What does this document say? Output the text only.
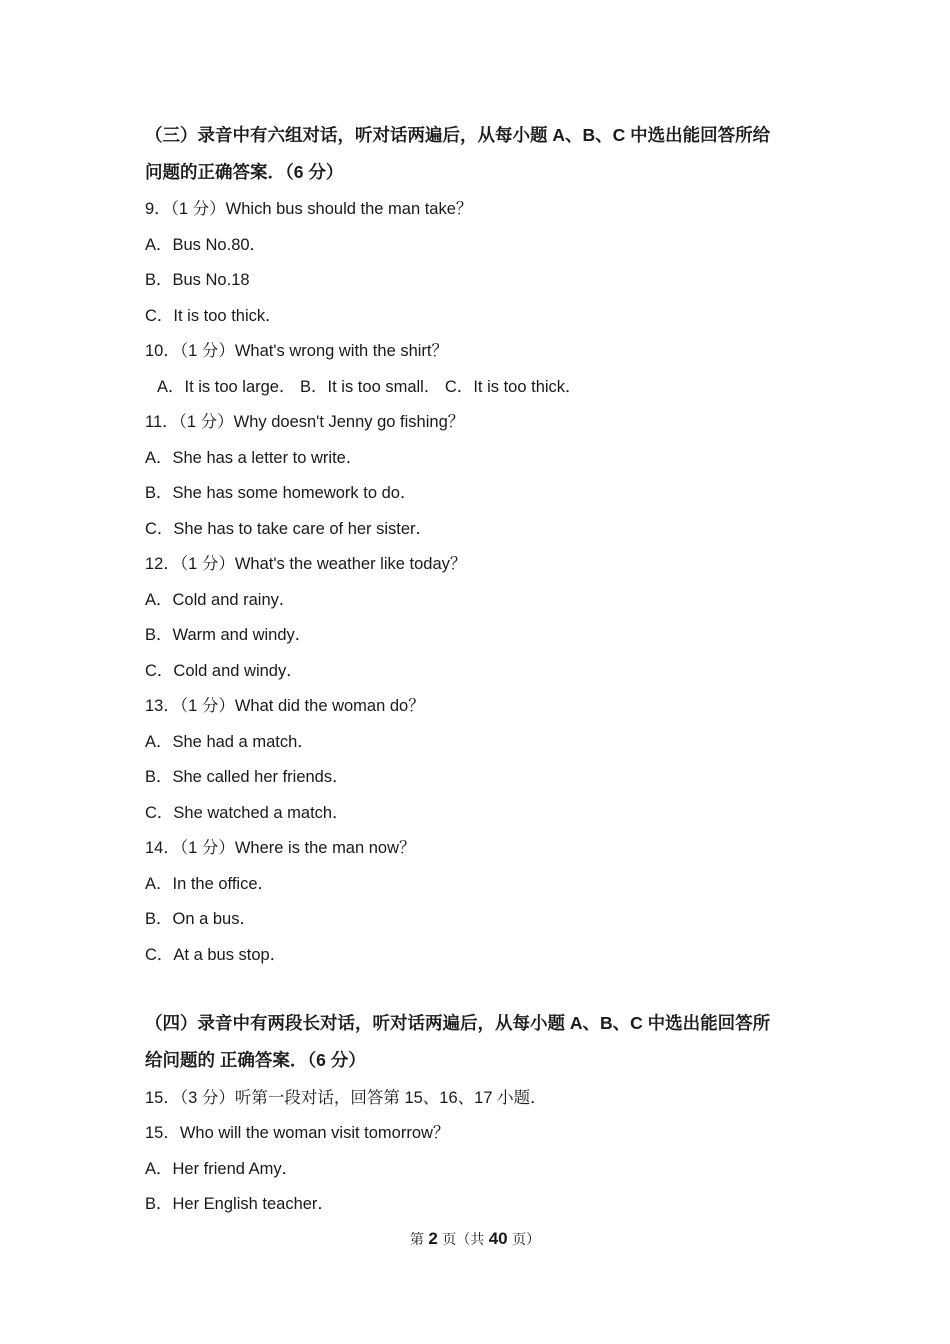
（三）录音中有六组对话，听对话两遍后，从每小题 A、B、C 中选出能回答所给
问题的正确答案．（6 分）
9．（1 分）Which bus should the man take？
A．Bus No.80．
B．Bus No.18
C．It is too thick．
10．（1 分）What's wrong with the shirt？
A．It is too large． B．It is too small． C．It is too thick．
11．（1 分）Why doesn't Jenny go fishing？
A．She has a letter to write．
B．She has some homework to do．
C．She has to take care of her sister．
12．（1 分）What's the weather like today？
A．Cold and rainy．
B．Warm and windy．
C．Cold and windy．
13．（1 分）What did the woman do？
A．She had a match．
B．She called her friends．
C．She watched a match．
14．（1 分）Where is the man now？
A．In the office．
B．On a bus．
C．At a bus stop．
（四）录音中有两段长对话，听对话两遍后，从每小题 A、B、C 中选出能回答所
给问题的 正确答案．（6 分）
15．（3 分）听第一段对话，回答第 15、16、17 小题．
15．Who will the woman visit tomorrow？
A．Her friend Amy．
B．Her English teacher．
第 2 页（共 40 页）
